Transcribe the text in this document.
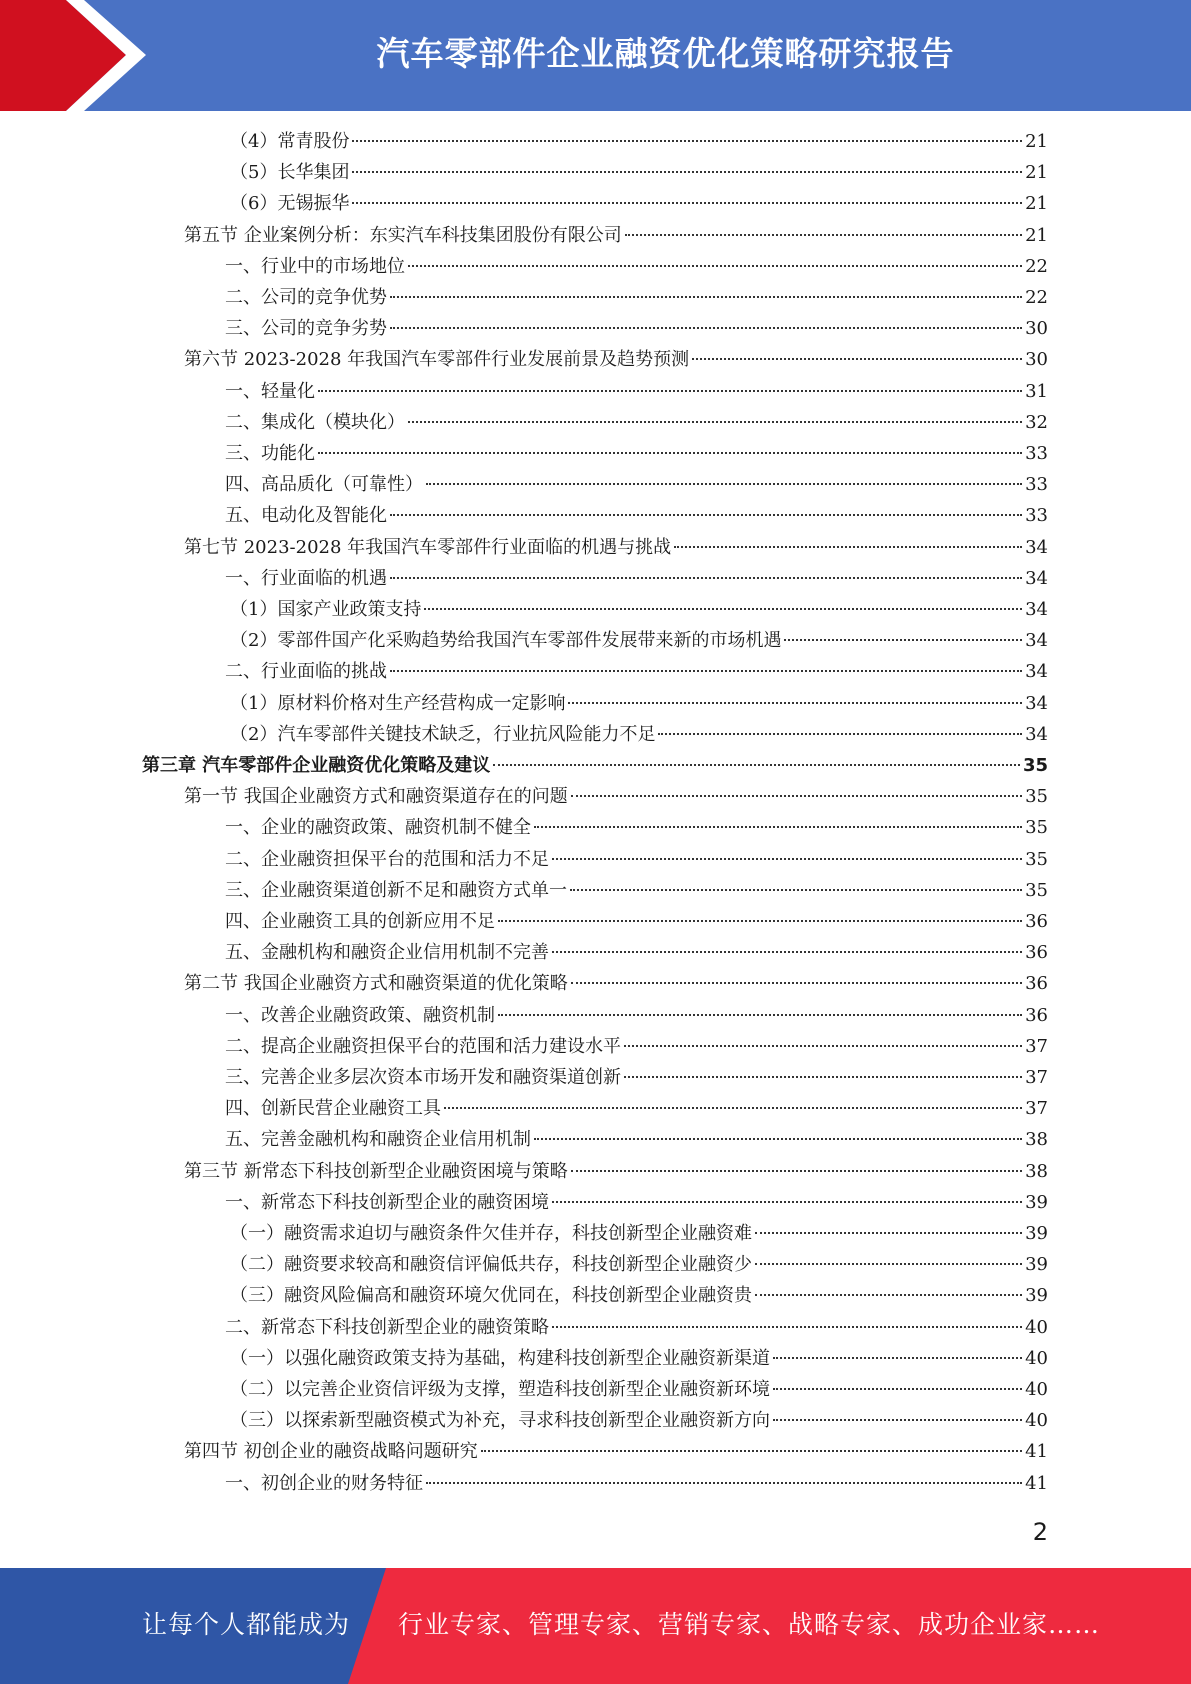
汽车零部件企业融资优化策略研究报告
（4）常青股份	21
（5）长华集团	21
（6）无锡振华	21
第五节 企业案例分析：东实汽车科技集团股份有限公司	21
一、行业中的市场地位	22
二、公司的竞争优势	22
三、公司的竞争劣势	30
第六节 2023-2028 年我国汽车零部件行业发展前景及趋势预测	30
一、轻量化	31
二、集成化（模块化）	32
三、功能化	33
四、高品质化（可靠性）	33
五、电动化及智能化	33
第七节 2023-2028 年我国汽车零部件行业面临的机遇与挑战	34
一、行业面临的机遇	34
（1）国家产业政策支持	34
（2）零部件国产化采购趋势给我国汽车零部件发展带来新的市场机遇	34
二、行业面临的挑战	34
（1）原材料价格对生产经营构成一定影响	34
（2）汽车零部件关键技术缺乏，行业抗风险能力不足	34
第三章 汽车零部件企业融资优化策略及建议	35
第一节 我国企业融资方式和融资渠道存在的问题	35
一、企业的融资政策、融资机制不健全	35
二、企业融资担保平台的范围和活力不足	35
三、企业融资渠道创新不足和融资方式单一	35
四、企业融资工具的创新应用不足	36
五、金融机构和融资企业信用机制不完善	36
第二节 我国企业融资方式和融资渠道的优化策略	36
一、改善企业融资政策、融资机制	36
二、提高企业融资担保平台的范围和活力建设水平	37
三、完善企业多层次资本市场开发和融资渠道创新	37
四、创新民营企业融资工具	37
五、完善金融机构和融资企业信用机制	38
第三节 新常态下科技创新型企业融资困境与策略	38
一、新常态下科技创新型企业的融资困境	39
（一）融资需求迫切与融资条件欠佳并存，科技创新型企业融资难	39
（二）融资要求较高和融资信评偏低共存，科技创新型企业融资少	39
（三）融资风险偏高和融资环境欠优同在，科技创新型企业融资贵	39
二、新常态下科技创新型企业的融资策略	40
（一）以强化融资政策支持为基础，构建科技创新型企业融资新渠道	40
（二）以完善企业资信评级为支撑，塑造科技创新型企业融资新环境	40
（三）以探索新型融资模式为补充，寻求科技创新型企业融资新方向	40
第四节 初创企业的融资战略问题研究	41
一、初创企业的财务特征	41
2
让每个人都能成为 行业专家、管理专家、营销专家、战略专家、成功企业家……
